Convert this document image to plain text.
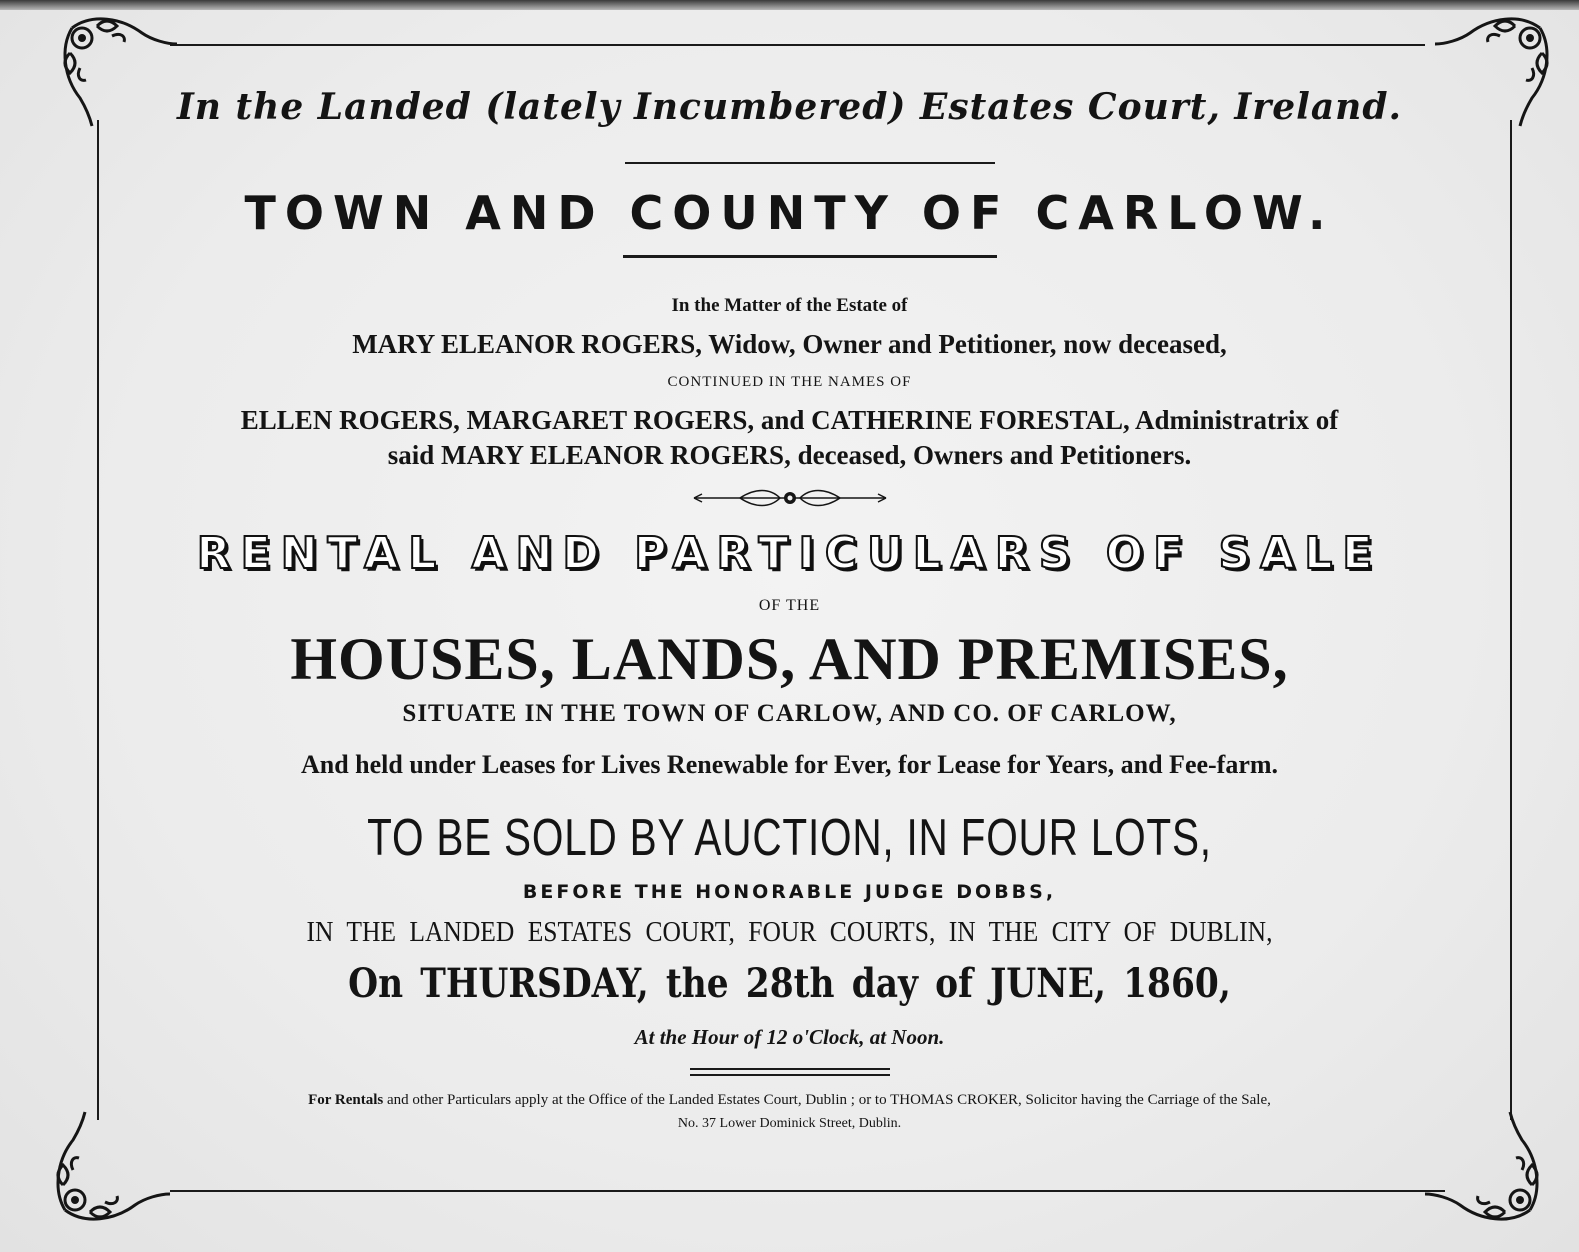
In the Landed (lately Incumbered) Estates Court, Ireland.
TOWN AND COUNTY OF CARLOW.
In the Matter of the Estate of
MARY ELEANOR ROGERS, Widow, Owner and Petitioner, now deceased,
CONTINUED IN THE NAMES OF
ELLEN ROGERS, MARGARET ROGERS, and CATHERINE FORESTAL, Administratrix of
said MARY ELEANOR ROGERS, deceased, Owners and Petitioners.
RENTAL AND PARTICULARS OF SALE
OF THE
HOUSES, LANDS, AND PREMISES,
SITUATE IN THE TOWN OF CARLOW, AND CO. OF CARLOW,
And held under Leases for Lives Renewable for Ever, for Lease for Years, and Fee-farm.
TO BE SOLD BY AUCTION, IN FOUR LOTS,
BEFORE THE HONORABLE JUDGE DOBBS,
IN THE LANDED ESTATES COURT, FOUR COURTS, IN THE CITY OF DUBLIN,
On THURSDAY, the 28th day of JUNE, 1860,
At the Hour of 12 o'Clock, at Noon.
For Rentals and other Particulars apply at the Office of the Landed Estates Court, Dublin ; or to THOMAS CROKER, Solicitor having the Carriage of the Sale,
No. 37 Lower Dominick Street, Dublin.
